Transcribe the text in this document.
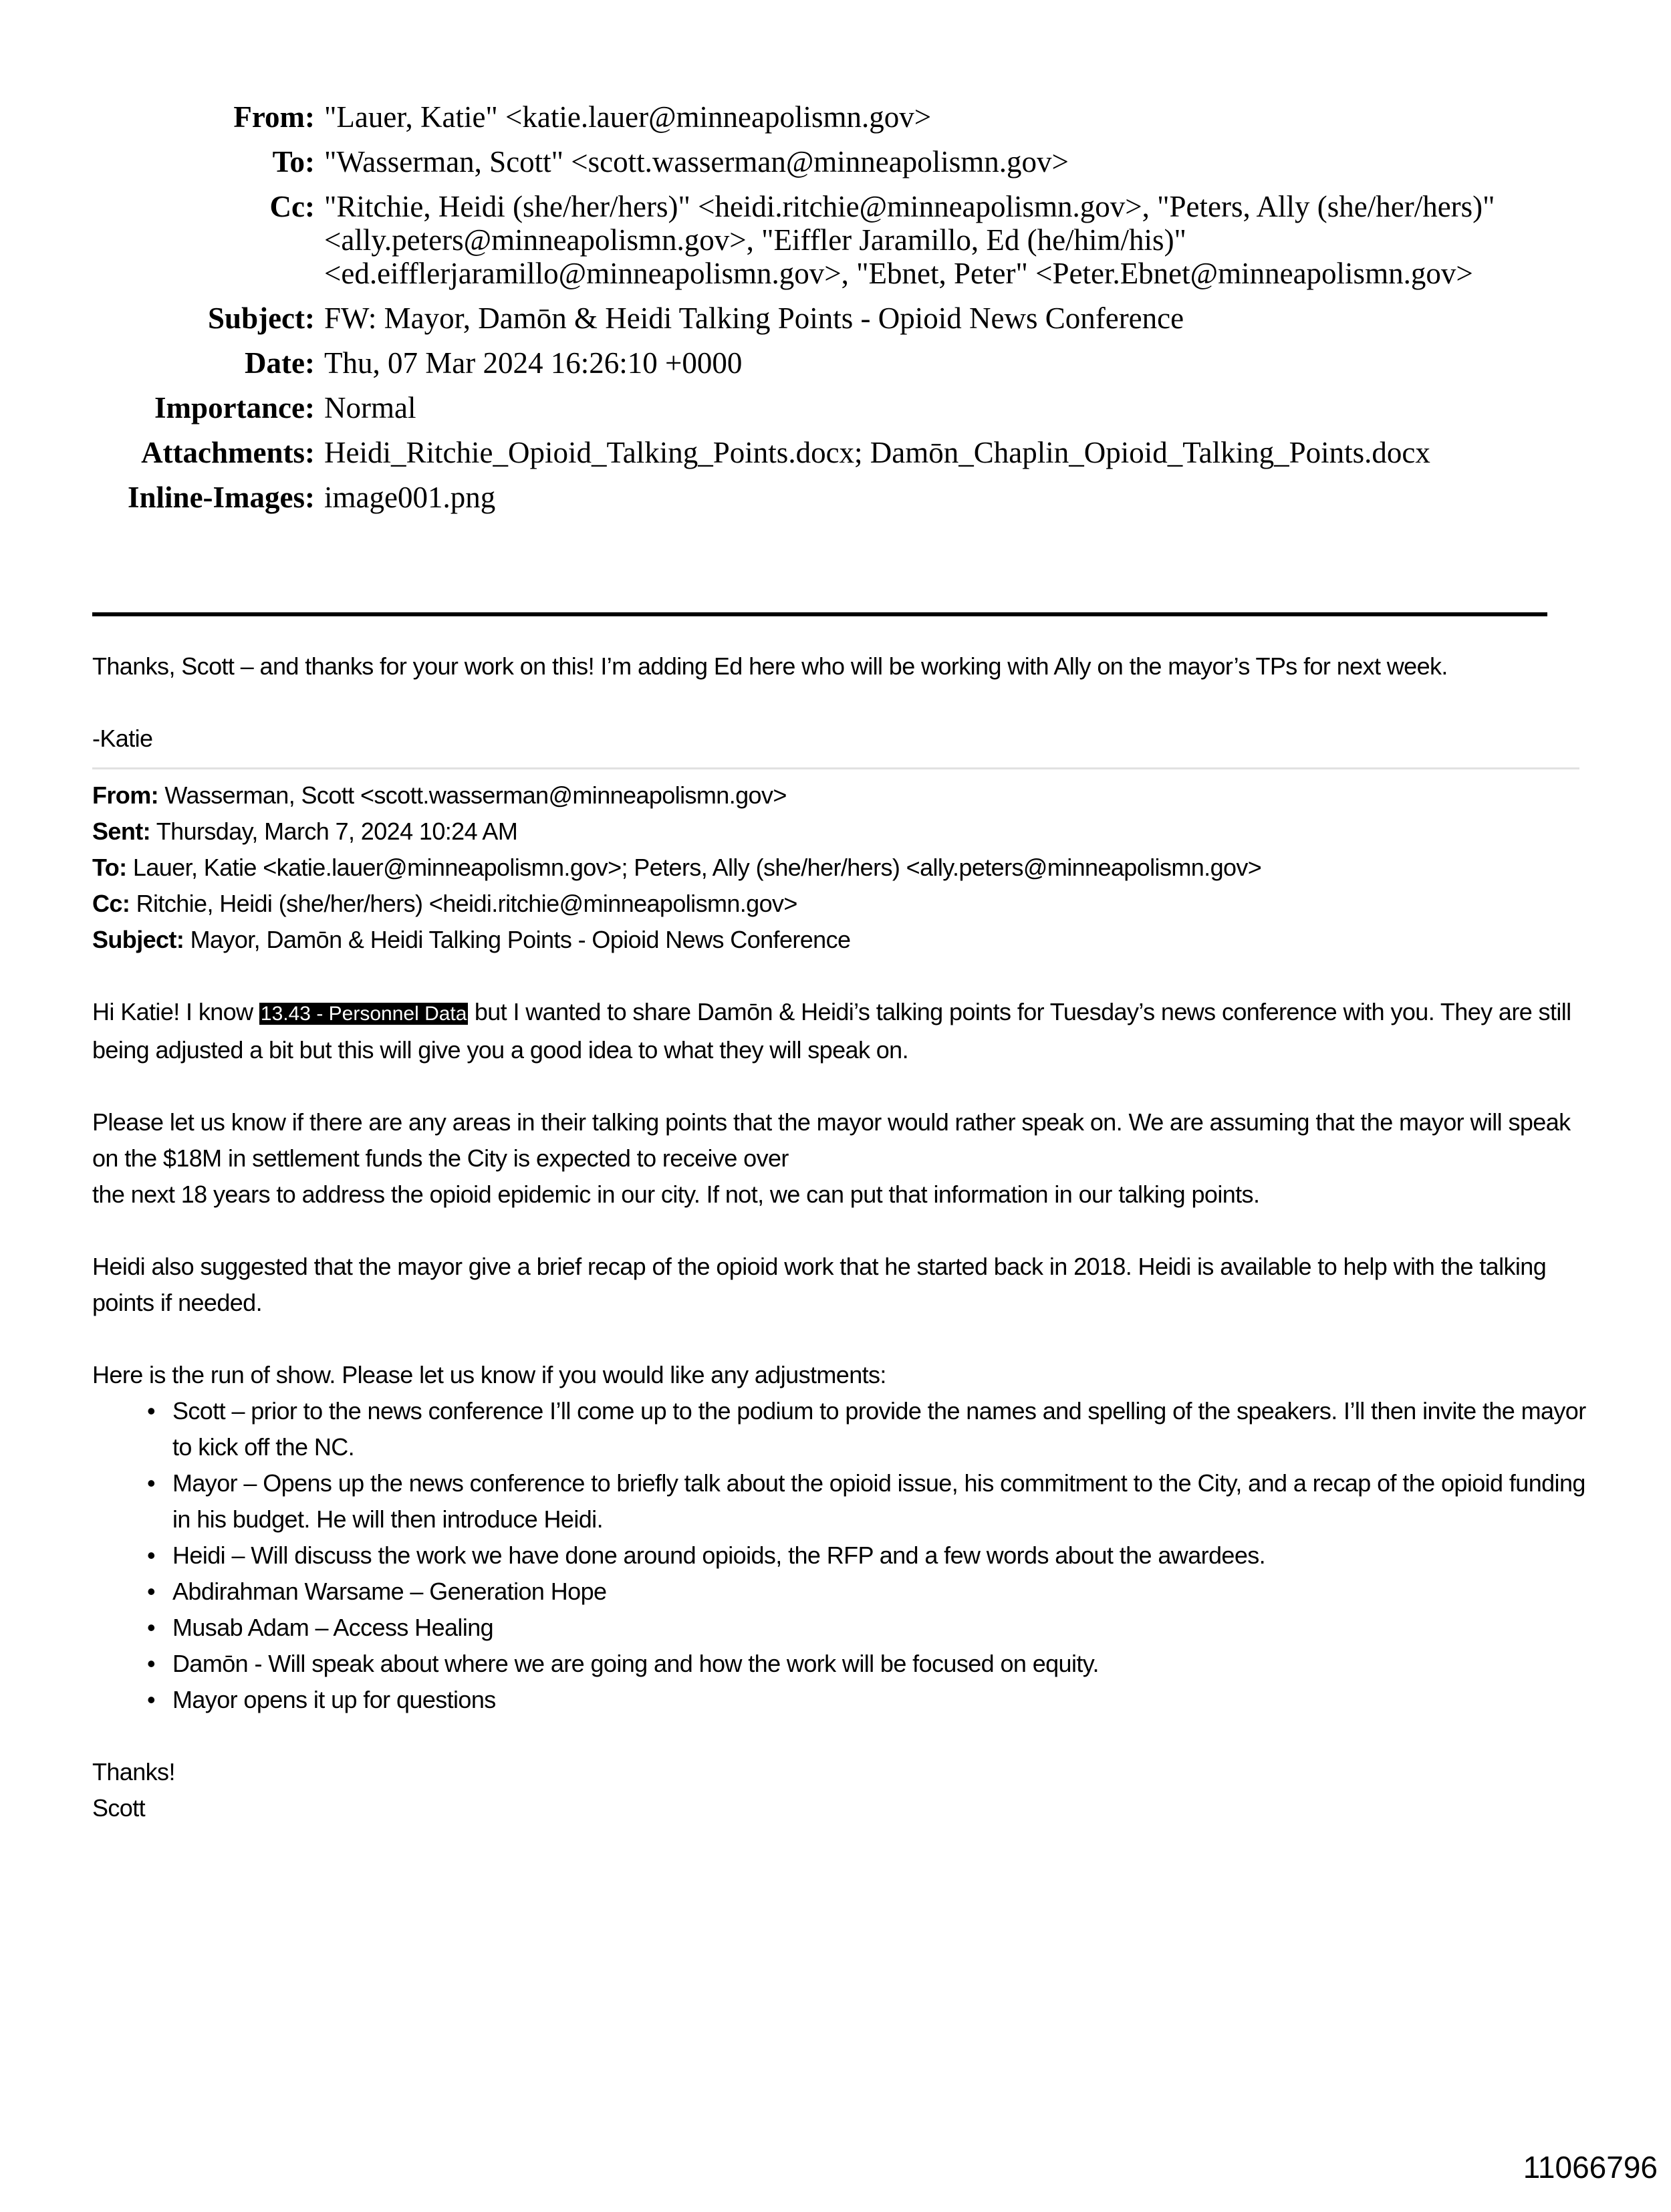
From: "Lauer, Katie" <katie.lauer@minneapolismn.gov>
To: "Wasserman, Scott" <scott.wasserman@minneapolismn.gov>
Cc: "Ritchie, Heidi (she/her/hers)" <heidi.ritchie@minneapolismn.gov>, "Peters, Ally (she/her/hers)" <ally.peters@minneapolismn.gov>, "Eiffler Jaramillo, Ed (he/him/his)" <ed.eifflerjaramillo@minneapolismn.gov>, "Ebnet, Peter" <Peter.Ebnet@minneapolismn.gov>
Subject: FW: Mayor, Damōn & Heidi Talking Points - Opioid News Conference
Date: Thu, 07 Mar 2024 16:26:10 +0000
Importance: Normal
Attachments: Heidi_Ritchie_Opioid_Talking_Points.docx; Damōn_Chaplin_Opioid_Talking_Points.docx
Inline-Images: image001.png

Thanks, Scott – and thanks for your work on this! I’m adding Ed here who will be working with Ally on the mayor’s TPs for next week.

-Katie

From: Wasserman, Scott <scott.wasserman@minneapolismn.gov>

Sent: Thursday, March 7, 2024 10:24 AM

To: Lauer, Katie <katie.lauer@minneapolismn.gov>; Peters, Ally (she/her/hers) <ally.peters@minneapolismn.gov>

Cc: Ritchie, Heidi (she/her/hers) <heidi.ritchie@minneapolismn.gov>

Subject: Mayor, Damōn & Heidi Talking Points - Opioid News Conference

Hi Katie! I know 13.43 - Personnel Data but I wanted to share Damōn & Heidi’s talking points for Tuesday’s news conference with you. They are still being adjusted a bit but this will give you a good idea to what they will speak on.

Please let us know if there are any areas in their talking points that the mayor would rather speak on. We are assuming that the mayor will speak on the $18M in settlement funds the City is expected to receive over

the next 18 years to address the opioid epidemic in our city. If not, we can put that information in our talking points.

Heidi also suggested that the mayor give a brief recap of the opioid work that he started back in 2018. Heidi is available to help with the talking points if needed.

Here is the run of show. Please let us know if you would like any adjustments:

• Scott – prior to the news conference I’ll come up to the podium to provide the names and spelling of the speakers. I’ll then invite the mayor to kick off the NC.
• Mayor – Opens up the news conference to briefly talk about the opioid issue, his commitment to the City, and a recap of the opioid funding in his budget. He will then introduce Heidi.
• Heidi – Will discuss the work we have done around opioids, the RFP and a few words about the awardees.
• Abdirahman Warsame – Generation Hope
• Musab Adam – Access Healing
• Damōn - Will speak about where we are going and how the work will be focused on equity.
• Mayor opens it up for questions

Thanks!

Scott

11066796
